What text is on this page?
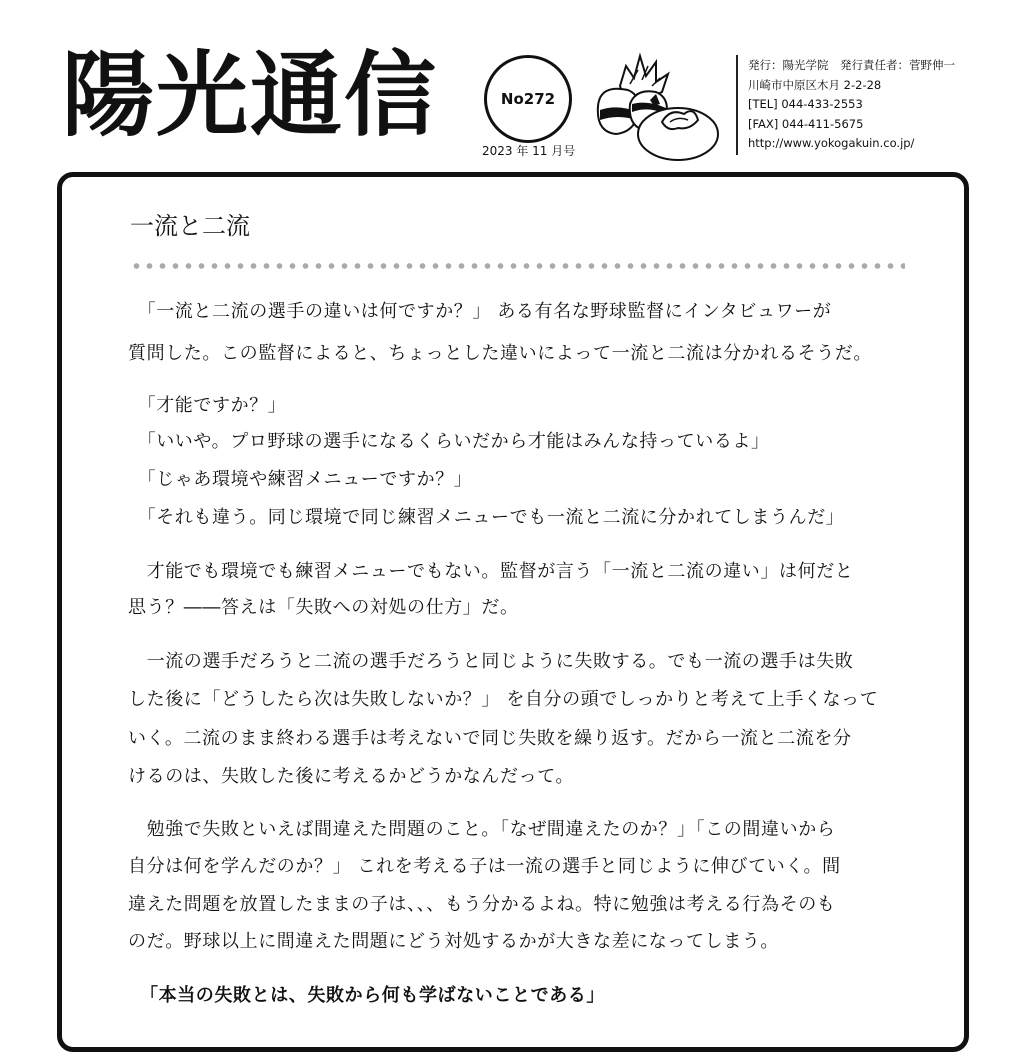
陽光通信	No272
2023 年 11 月号
発行：陽光学院　発行責任者：菅野伸一
川崎市中原区木月 2-2-28
[TEL] 044-433-2553
[FAX] 044-411-5675
http://www.yokogakuin.co.jp/
一流と二流
　「一流と二流の選手の違いは何ですか？」 ある有名な野球監督にインタビュワーが
質問した。この監督によると、ちょっとした違いによって一流と二流は分かれるそうだ。
　「才能ですか？」
　「いいや。プロ野球の選手になるくらいだから才能はみんな持っているよ」
　「じゃあ環境や練習メニューですか？」
　「それも違う。同じ環境で同じ練習メニューでも一流と二流に分かれてしまうんだ」
　才能でも環境でも練習メニューでもない。監督が言う「一流と二流の違い」は何だと
思う？――答えは「失敗への対処の仕方」だ。
　一流の選手だろうと二流の選手だろうと同じように失敗する。でも一流の選手は失敗
した後に「どうしたら次は失敗しないか？」 を自分の頭でしっかりと考えて上手くなって
いく。二流のまま終わる選手は考えないで同じ失敗を繰り返す。だから一流と二流を分
けるのは、失敗した後に考えるかどうかなんだって。
　勉強で失敗といえば間違えた問題のこと。「なぜ間違えたのか？」「この間違いから
自分は何を学んだのか？」 これを考える子は一流の選手と同じように伸びていく。間
違えた問題を放置したままの子は、、、もう分かるよね。特に勉強は考える行為そのも
のだ。野球以上に間違えた問題にどう対処するかが大きな差になってしまう。
「本当の失敗とは、失敗から何も学ばないことである」
